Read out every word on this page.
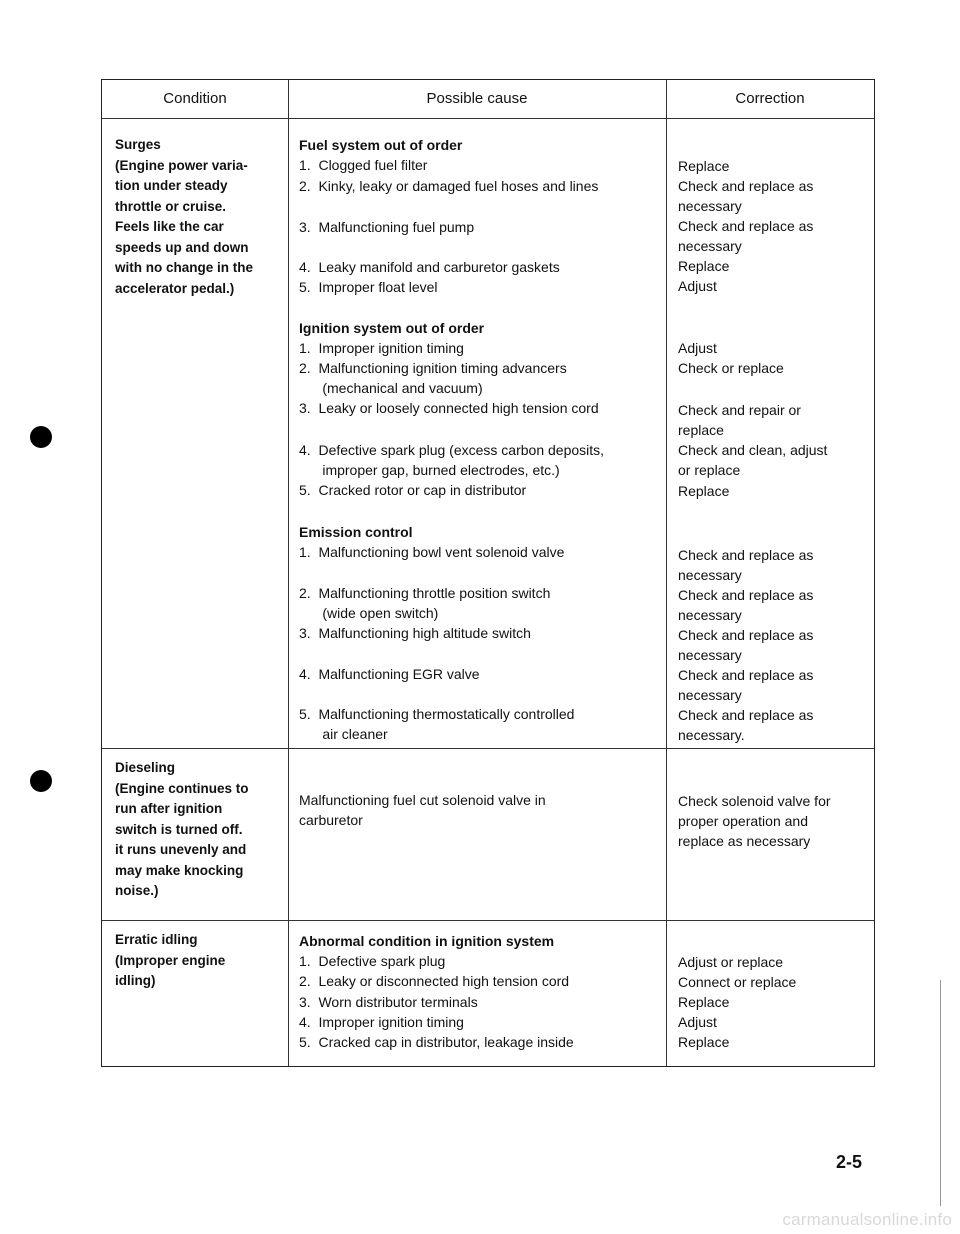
Condition	Possible cause	Correction
Surges
(Engine power varia-
tion under steady
throttle or cruise.
Feels like the car
speeds up and down
with no change in the
accelerator pedal.)
Fuel system out of order
1.  Clogged fuel filter
2.  Kinky, leaky or damaged fuel hoses and lines
3.  Malfunctioning fuel pump
4.  Leaky manifold and carburetor gaskets
5.  Improper float level
Ignition system out of order
1.  Improper ignition timing
2.  Malfunctioning ignition timing advancers
(mechanical and vacuum)
3.  Leaky or loosely connected high tension cord
4.  Defective spark plug (excess carbon deposits,
improper gap, burned electrodes, etc.)
5.  Cracked rotor or cap in distributor
Emission control
1.  Malfunctioning bowl vent solenoid valve
2.  Malfunctioning throttle position switch
(wide open switch)
3.  Malfunctioning high altitude switch
4.  Malfunctioning EGR valve
5.  Malfunctioning thermostatically controlled
air cleaner
Replace
Check and replace as
necessary
Check and replace as
necessary
Replace
Adjust
Adjust
Check or replace
Check and repair or
replace
Check and clean, adjust
or replace
Replace
Check and replace as
necessary
Check and replace as
necessary
Check and replace as
necessary
Check and replace as
necessary
Check and replace as
necessary.
Dieseling
(Engine continues to
run after ignition
switch is turned off.
it runs unevenly and
may make knocking
noise.)
Malfunctioning fuel cut solenoid valve in
carburetor
Check solenoid valve for
proper operation and
replace as necessary
Erratic idling
(Improper engine
idling)
Abnormal condition in ignition system
1.  Defective spark plug
2.  Leaky or disconnected high tension cord
3.  Worn distributor terminals
4.  Improper ignition timing
5.  Cracked cap in distributor, leakage inside
Adjust or replace
Connect or replace
Replace
Adjust
Replace
2-5
carmanualsonline.info
